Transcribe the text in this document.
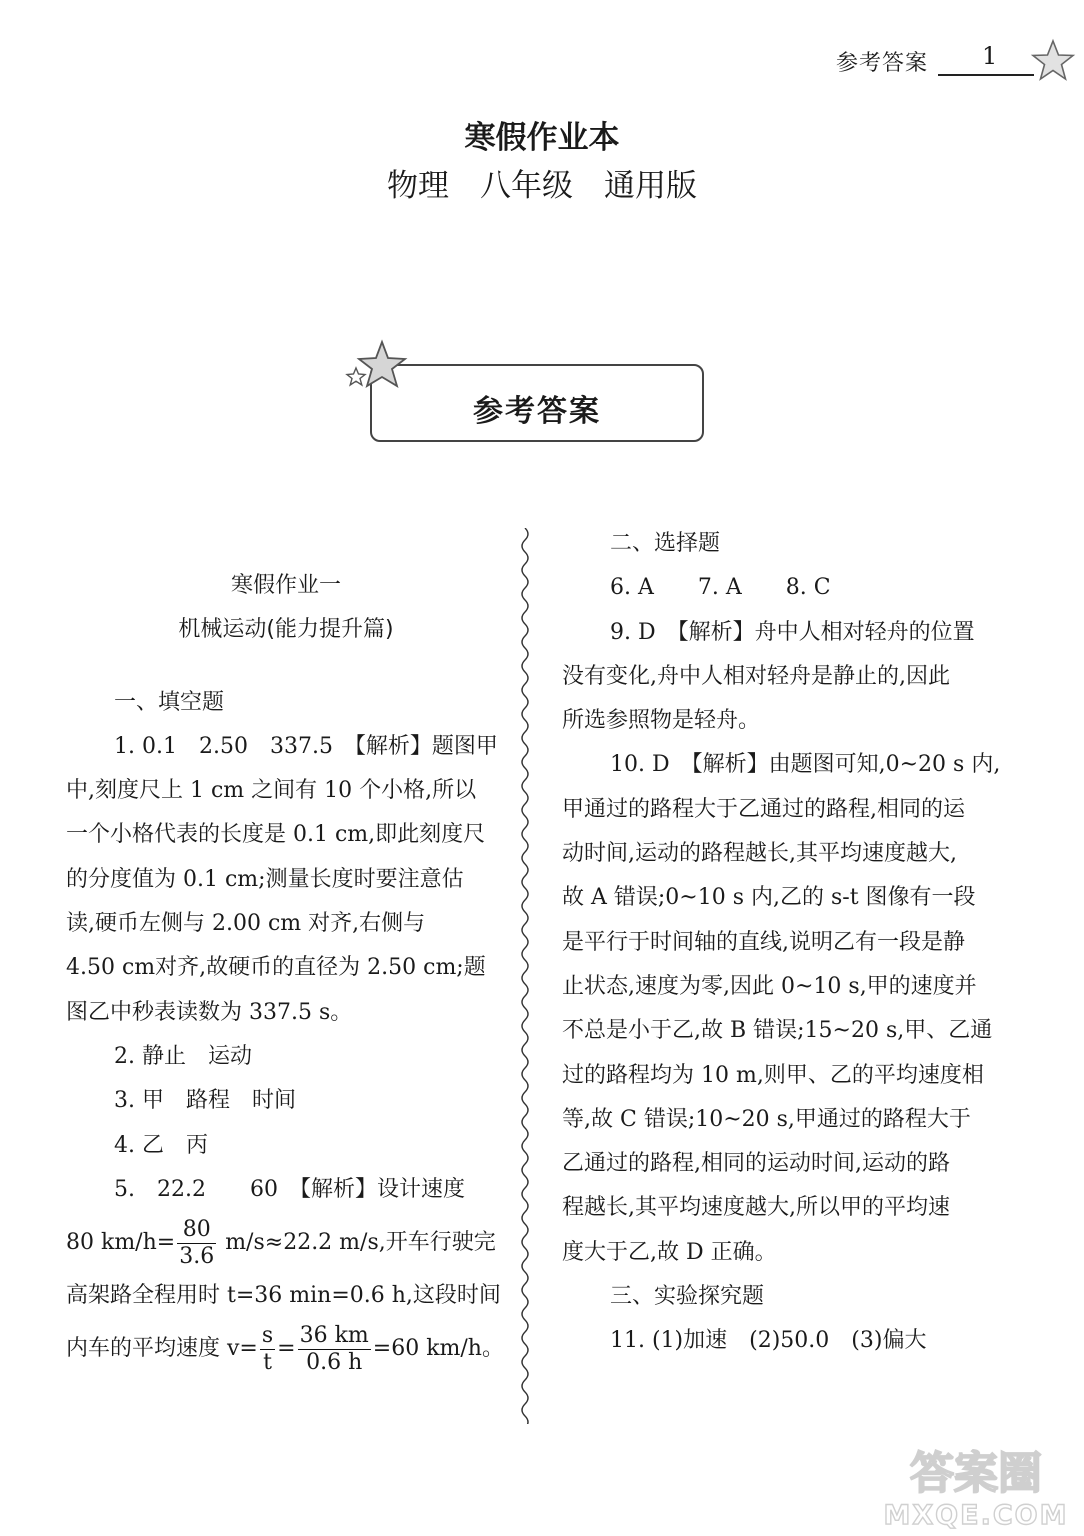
参考答案 1
寒假作业本
物理　八年级　通用版
参考答案
寒假作业一
机械运动(能力提升篇)
一、填空题
1. 0.1　2.50　337.5　【解析】题图甲
中,刻度尺上 1 cm 之间有 10 个小格,所以
一个小格代表的长度是 0.1 cm,即此刻度尺
的分度值为 0.1 cm;测量长度时要注意估
读,硬币左侧与 2.00 cm 对齐,右侧与
4.50 cm对齐,故硬币的直径为 2.50 cm;题
图乙中秒表读数为 337.5 s。
2. 静止　运动
3. 甲　路程　时间
4. 乙　丙
5.　22.2　　60　【解析】设计速度
80 $km/h= \frac{80}{3.6} m/s\approx 22.2$ m/s,开车行驶完
高架路全程用时 t=36 min=0.6 h,这段时间
内车的平均速度 $v= \frac{s}{t} = \frac{36 km}{0.6 h} =60$ km/h。
二、选择题
6. A　　7. A　　8. C
9. D　【解析】舟中人相对轻舟的位置
没有变化,舟中人相对轻舟是静止的,因此
所选参照物是轻舟。
10. D　【解析】由题图可知,0~20 s 内,
甲通过的路程大于乙通过的路程,相同的运
动时间,运动的路程越长,其平均速度越大,
故 A 错误;0~10 s 内,乙的 s-t 图像有一段
是平行于时间轴的直线,说明乙有一段是静
止状态,速度为零,因此 0~10 s,甲的速度并
不总是小于乙,故 B 错误;15~20 s,甲、乙通
过的路程均为 10 m,则甲、乙的平均速度相
等,故 C 错误;10~20 s,甲通过的路程大于
乙通过的路程,相同的运动时间,运动的路
程越长,其平均速度越大,所以甲的平均速
度大于乙,故 D 正确。
三、实验探究题
11. (1)加速　(2)50.0　(3)偏大
答案圈
MXQE.COM
